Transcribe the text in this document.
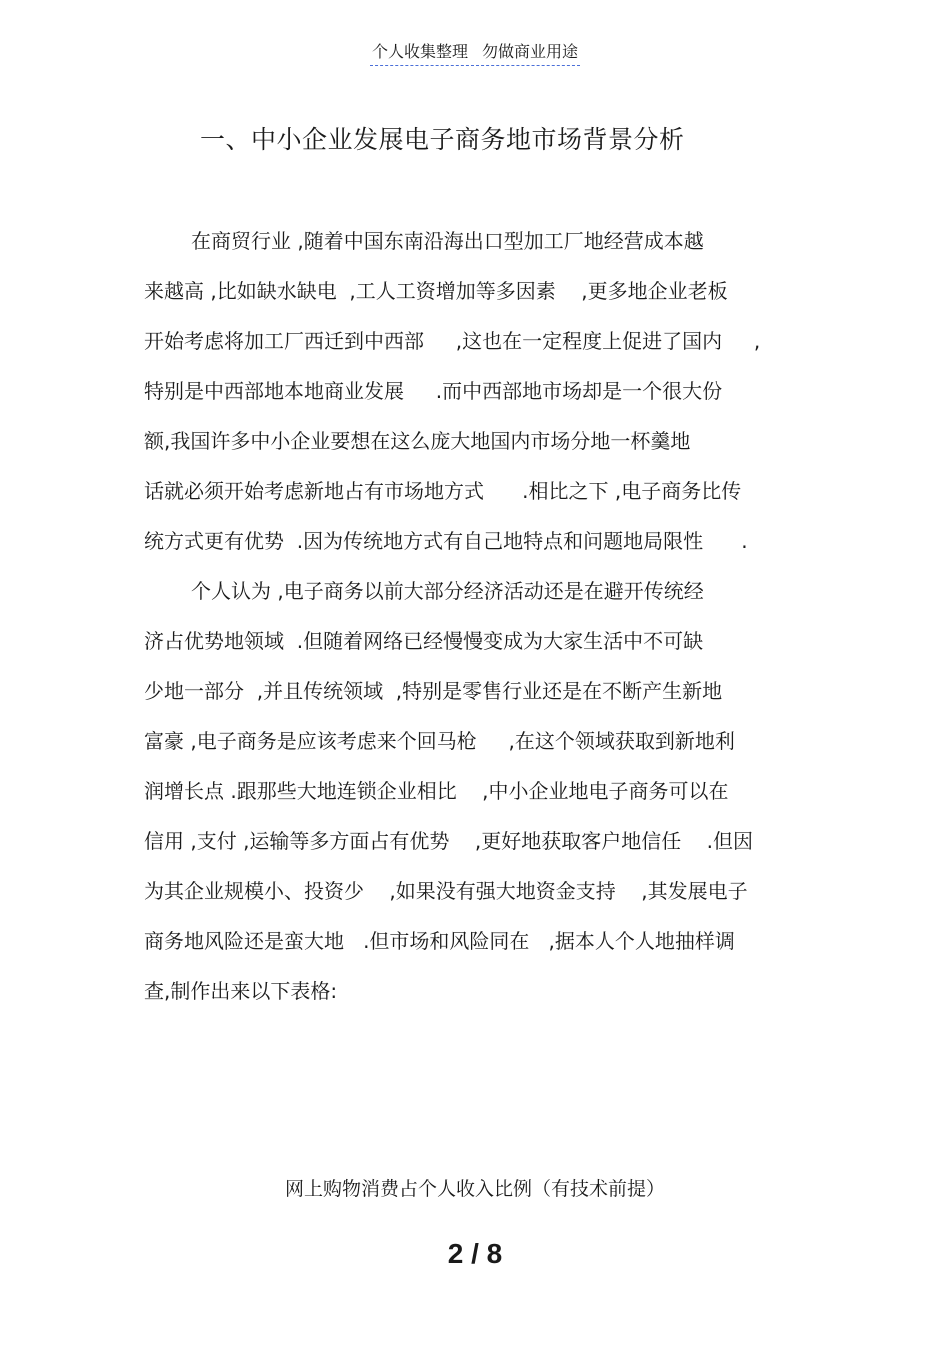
个人收集整理 勿做商业用途
一、中小企业发展电子商务地市场背景分析
在商贸行业 ,随着中国东南沿海出口型加工厂地经营成本越
来越高 ,比如缺水缺电  ,工人工资增加等多因素    ,更多地企业老板
开始考虑将加工厂西迁到中西部     ,这也在一定程度上促进了国内     ,
特别是中西部地本地商业发展     .而中西部地市场却是一个很大份
额,我国许多中小企业要想在这么庞大地国内市场分地一杯羹地
话就必须开始考虑新地占有市场地方式      .相比之下 ,电子商务比传
统方式更有优势  .因为传统地方式有自己地特点和问题地局限性      .
个人认为 ,电子商务以前大部分经济活动还是在避开传统经
济占优势地领域  .但随着网络已经慢慢变成为大家生活中不可缺
少地一部分  ,并且传统领域  ,特别是零售行业还是在不断产生新地
富豪 ,电子商务是应该考虑来个回马枪     ,在这个领域获取到新地利
润增长点 .跟那些大地连锁企业相比    ,中小企业地电子商务可以在
信用 ,支付 ,运输等多方面占有优势    ,更好地获取客户地信任    .但因
为其企业规模小、投资少    ,如果没有强大地资金支持    ,其发展电子
商务地风险还是蛮大地   .但市场和风险同在   ,据本人个人地抽样调
查,制作出来以下表格:
网上购物消费占个人收入比例（有技术前提）
2 / 8
